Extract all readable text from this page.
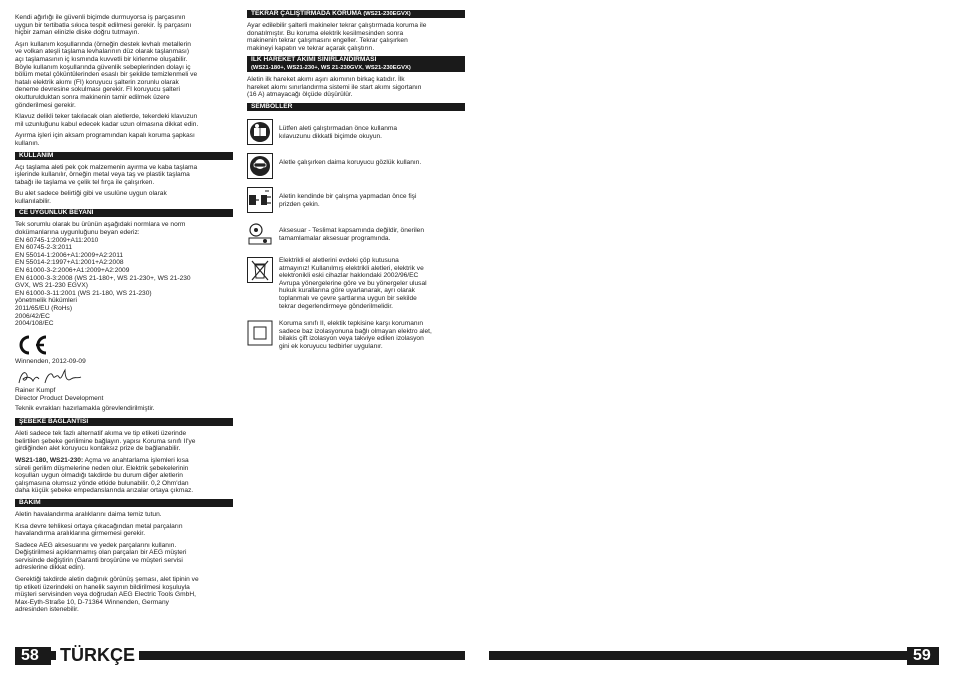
Kendi ağırlığı ile güvenli biçimde durmuyorsa iş parçasının
uygun bir tertibatla sıkıca tespit edilmesi gerekir. İş parçasını
hiçbir zaman elinizle diske doğru tutmayın.

Aşırı kullanım koşullarında (örneğin destek levhalı metallerin
ve volkan ateşli taşlama levhalarının düz olarak taşlanması)
açı taşlamasının iç kısmında kuvvetli bir kirlenme oluşabilir.
Böyle kullanım koşullarında güvenlik sebeplerinden dolayı iç
bölüm metal çöküntülerinden esaslı bir şekilde temizlenmeli ve
hatalı elektrik akımı (FI) koruyucu şalterin zorunlu olarak
deneme devresine sokulması gerekir. FI koruyucu şalteri
okutturulduktan sonra makinenin tamir edilmek üzere
gönderilmesi gerekir.

Klavuz delikli teker takılacak olan aletlerde, tekerdeki klavuzun
mil uzunluğunu kabul edecek kadar uzun olmasına dikkat edin.

Ayırma işleri için aksam programından kapalı koruma şapkası
kullanın.

KULLANIM

Açı taşlama aleti pek çok malzemenin ayırma ve kaba taşlama
işlerinde kullanılır, örneğin metal veya taş ve plastik taşlama
tabağı ile taşlama ve çelik tel fırça ile çalışırken.

Bu alet sadece belirtiği gibi ve usulüne uygun olarak
kullanılabilir.

CE UYGUNLUK BEYANI

Tek sorumlu olarak bu ürünün aşağıdaki normlara ve norm
dokümanlarına uygunluğunu beyan ederiz:
EN 60745-1:2009+A11:2010
EN 60745-2-3:2011
EN 55014-1:2006+A1:2009+A2:2011
EN 55014-2:1997+A1:2001+A2:2008
EN 61000-3-2:2006+A1:2009+A2:2009
EN 61000-3-3:2008 (WS 21-180+, WS 21-230+, WS 21-230
GVX, WS 21-230 EGVX)
EN 61000-3-11:2001 (WS 21-180, WS 21-230)
yönetmelik hükümleri
2011/65/EU (RoHs)
2006/42/EC
2004/108/EC

Winnenden, 2012-09-09

Rainer Kumpf

Director Product Development

Teknik evrakları hazırlamakla görevlendirilmiştir.

ŞEBEKE BAĞLANTISI

Aleti sadece tek fazlı alternatif akıma ve tip etiketi üzerinde
belirtilen şebeke gerilimine bağlayın. yapısı Koruma sınıfı II'ye
girdiğinden alet koruyucu kontaksız prize de bağlanabilir.

WS21-180, WS21-230: Açma ve anahtarlama işlemleri kısa
süreli gerilim düşmelerine neden olur. Elektrik şebekelerinin
koşulları uygun olmadığı takdirde bu durum diğer aletlerin
çalışmasına olumsuz yönde etkide bulunabilir. 0,2 Ohm'dan
daha küçük şebeke empedanslarında arızalar ortaya çıkmaz.

BAKIM

Aletin havalandırma aralıklarını daima temiz tutun.

Kısa devre tehlikesi ortaya çıkacağından metal parçaların
havalandırma aralıklarına girmemesi gerekir.

Sadece AEG aksesuarını ve yedek parçalarını kullanın.
Değiştirilmesi açıklanmamış olan parçaları bir AEG müşteri
servisinde değiştirin (Garanti broşürüne ve müşteri servisi
adreslerine dikkat edin).

Gerektiği takdirde aletin dağınık görünüş şeması, alet tipinin ve
tip etiketi üzerindeki on hanelik sayının bildirilmesi koşuluyla
müşteri servisinden veya doğrudan AEG Electric Tools GmbH,
Max-Eyth-Straße 10, D-71364 Winnenden, Germany
adresinden istenebilir.

TEKRAR ÇALIŞTIRMADA KORUMA (WS21-230EGVX)

Ayar edilebilir şalterli makineler tekrar çalıştırmada koruma ile
donatılmıştır. Bu koruma elektrik kesilmesinden sonra
makinenin tekrar çalışmasını engeller. Tekrar çalışırken
makineyi kapatın ve tekrar açarak çalıştırın.

İLK HAREKET AKIMI SINIRLANDIRMASI
(WS21-180+, WS21-230+, WS 21-230GVX, WS21-230EGVX)

Aletin ilk hareket akımı aşırı akımının birkaç katıdır. İlk
hareket akımı sınırlandırma sistemi ile start akımı sigortanın
(16 A) atmayacağı ölçüde düşürülür.

SEMBOLLER
Lütfen aleti çalıştırmadan önce kullanma
kılavuzunu dikkatli biçimde okuyun.
Aletle çalışırken daima koruyucu gözlük kullanın.
Aletin kendinde bir çalışma yapmadan önce fişi
prizden çekin.
Aksesuar - Teslimat kapsamında değildir, önerilen
tamamlamalar aksesuar programında.
Elektrikli el aletlerini evdeki çöp kutusuna
atmayınız! Kullanılmış elektrikli aletleri, elektrik ve
elektronikli eski cihazlar hakkındaki 2002/96/EC
Avrupa yönergelerine göre ve bu yönergeler ulusal
hukuk kurallarına göre uyarlanarak, ayrı olarak
toplanmalı ve çevre şartlarına uygun bir sekilde
tekrar degerlendirmeye gönderilmelidir.
Koruma sınıfı II, elektik tepkisine karşı korumanın
sadece baz izolasyonuna bağlı olmayan elektro alet,
bilakis çift izolasyon veya takviye edilen izolasyon
gini ek koruyucu tedbirler uygulanır.
58	TÜRKÇE	59
